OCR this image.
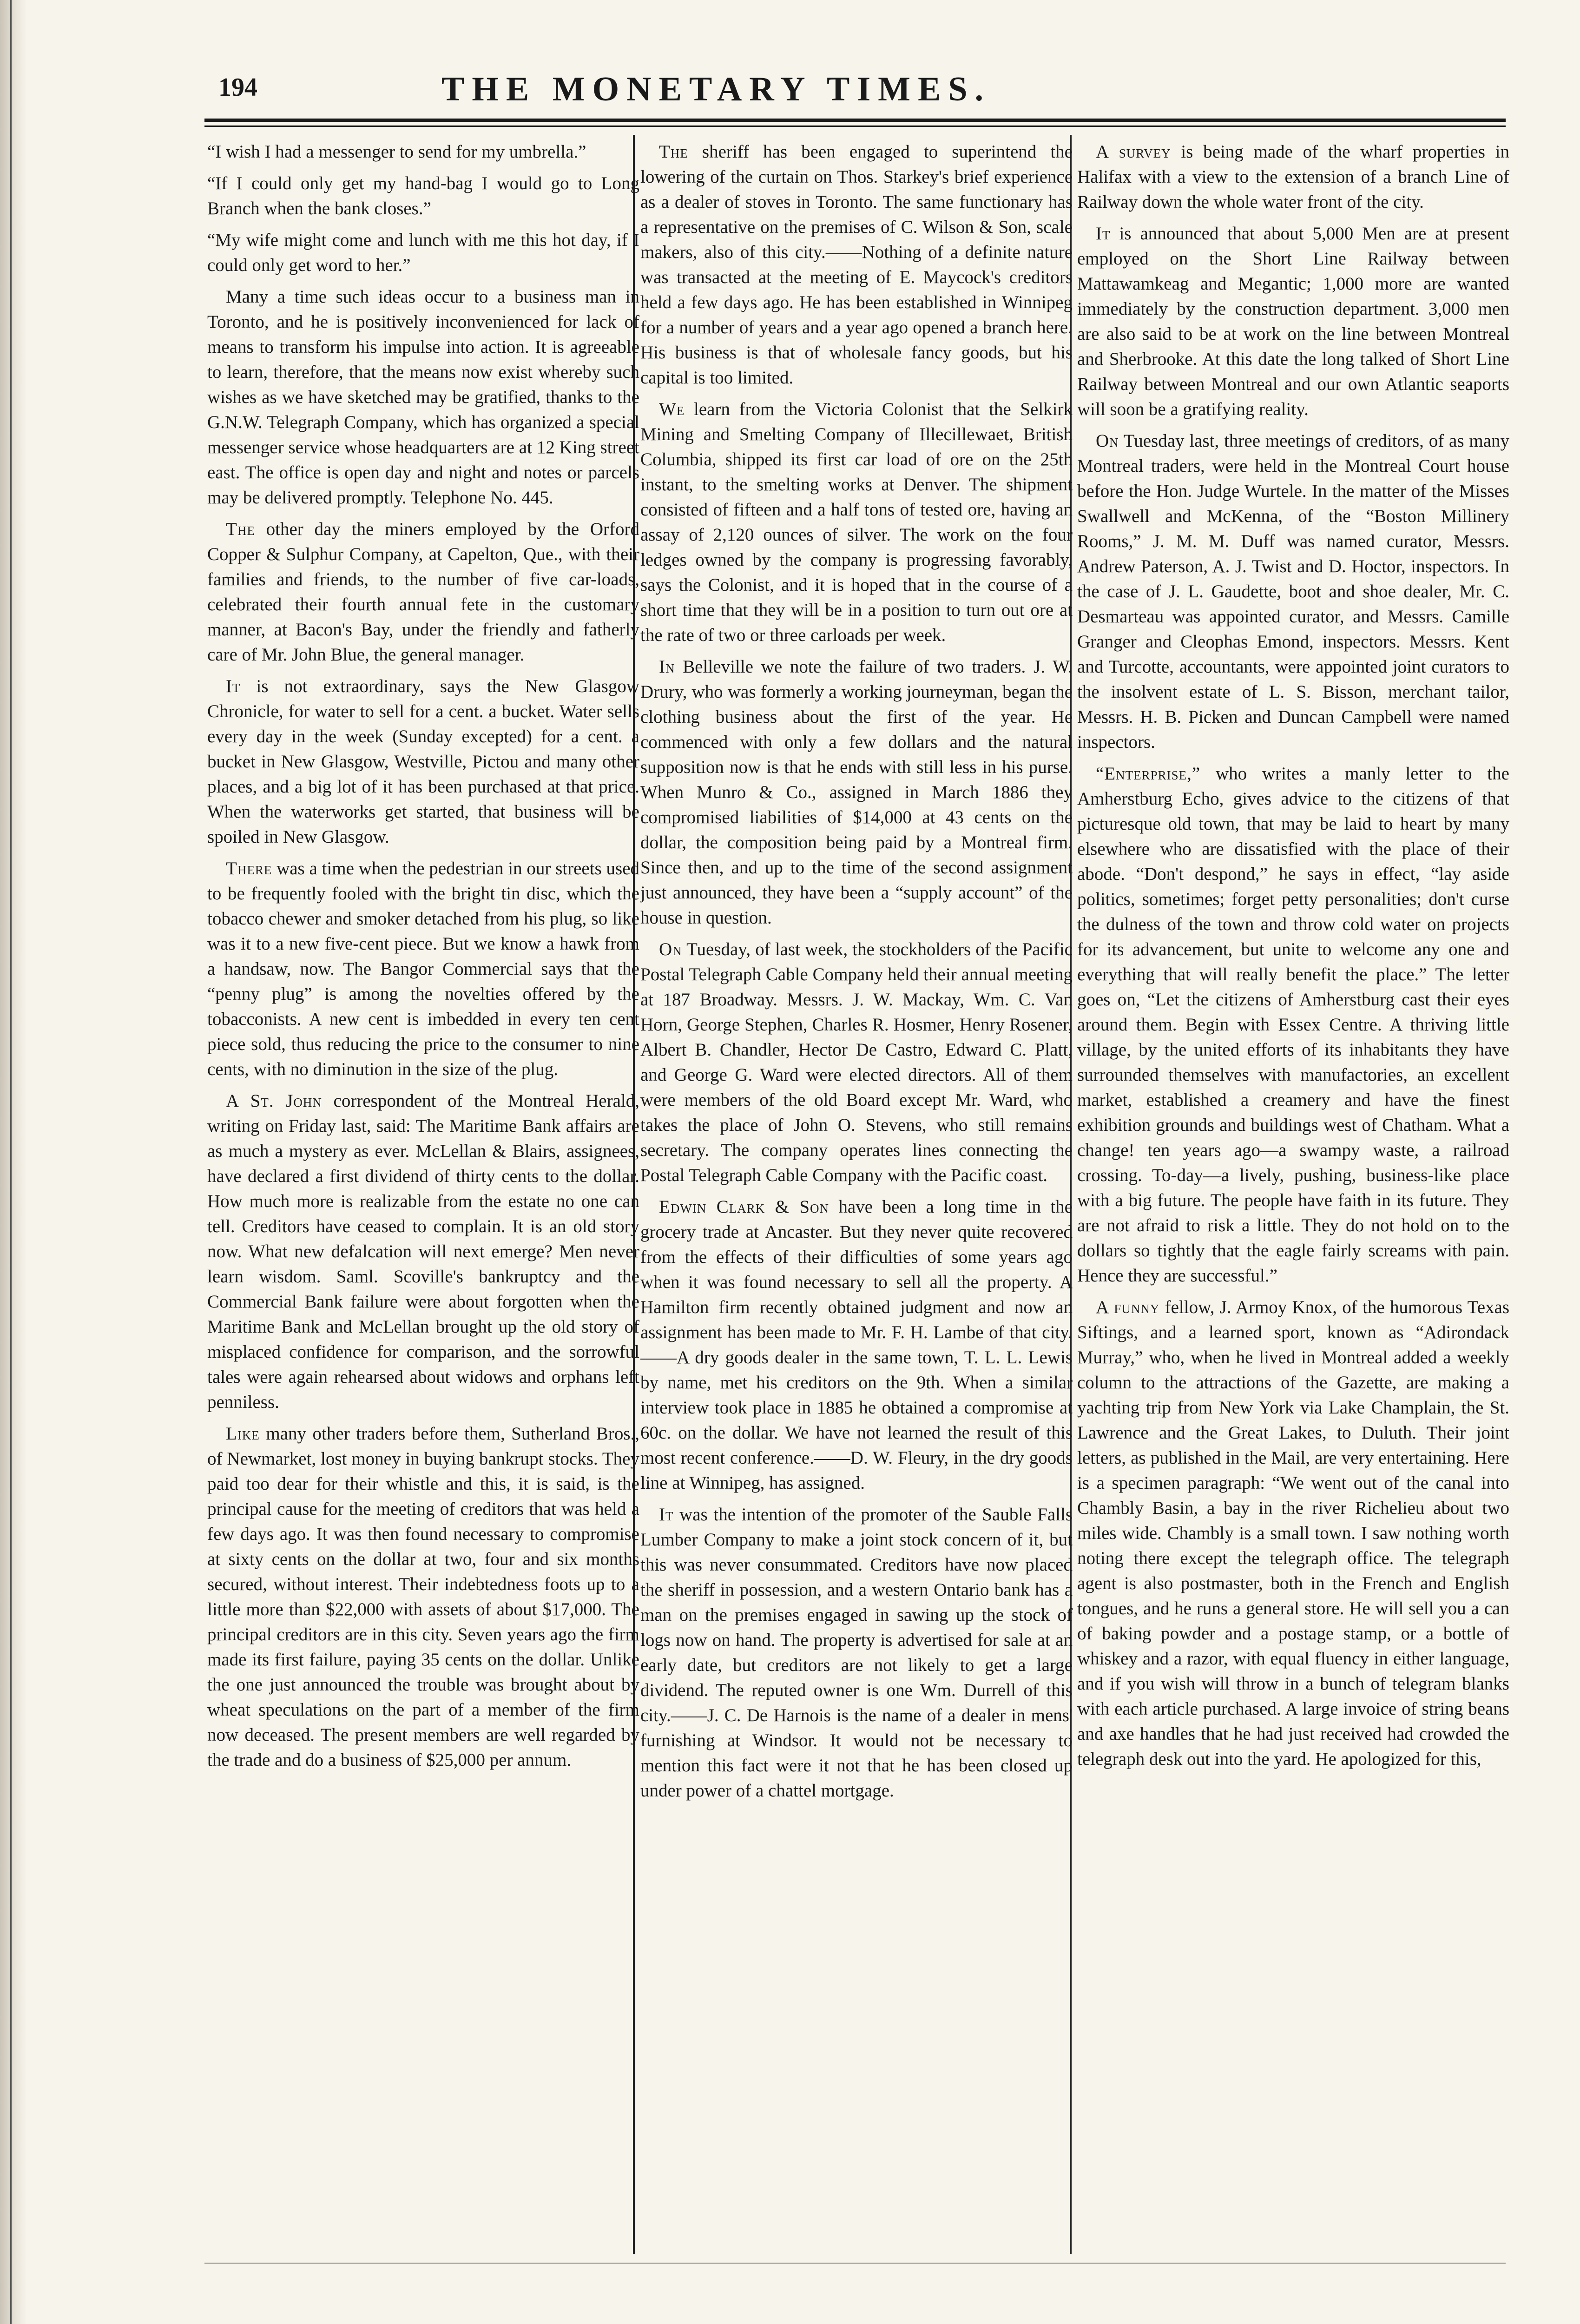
194	THE MONETARY TIMES.

“I wish I had a messenger to send for my umbrella.”

“If I could only get my hand-bag I would go to Long Branch when the bank closes.”

“My wife might come and lunch with me this hot day, if I could only get word to her.”

Many a time such ideas occur to a business man in Toronto, and he is positively inconvenienced for lack of means to transform his impulse into action. It is agreeable to learn, therefore, that the means now exist whereby such wishes as we have sketched may be gratified, thanks to the G.N.W. Telegraph Company, which has organized a special messenger service whose headquarters are at 12 King street east. The office is open day and night and notes or parcels may be delivered promptly. Telephone No. 445.

The other day the miners employed by the Orford Copper & Sulphur Company, at Capelton, Que., with their families and friends, to the number of five car-loads, celebrated their fourth annual fete in the customary manner, at Bacon's Bay, under the friendly and fatherly care of Mr. John Blue, the general manager.

It is not extraordinary, says the New Glasgow Chronicle, for water to sell for a cent. a bucket. Water sells every day in the week (Sunday excepted) for a cent. a bucket in New Glasgow, Westville, Pictou and many other places, and a big lot of it has been purchased at that price. When the waterworks get started, that business will be spoiled in New Glasgow.

There was a time when the pedestrian in our streets used to be frequently fooled with the bright tin disc, which the tobacco chewer and smoker detached from his plug, so like was it to a new five-cent piece. But we know a hawk from a handsaw, now. The Bangor Commercial says that the “penny plug” is among the novelties offered by the tobacconists. A new cent is imbedded in every ten cent piece sold, thus reducing the price to the consumer to nine cents, with no diminution in the size of the plug.

A St. John correspondent of the Montreal Herald, writing on Friday last, said: The Maritime Bank affairs are as much a mystery as ever. McLellan & Blairs, assignees, have declared a first dividend of thirty cents to the dollar. How much more is realizable from the estate no one can tell. Creditors have ceased to complain. It is an old story now. What new defalcation will next emerge? Men never learn wisdom. Saml. Scoville's bankruptcy and the Commercial Bank failure were about forgotten when the Maritime Bank and McLellan brought up the old story of misplaced confidence for comparison, and the sorrowful tales were again rehearsed about widows and orphans left penniless.

Like many other traders before them, Sutherland Bros., of Newmarket, lost money in buying bankrupt stocks. They paid too dear for their whistle and this, it is said, is the principal cause for the meeting of creditors that was held a few days ago. It was then found necessary to compromise at sixty cents on the dollar at two, four and six months secured, without interest. Their indebtedness foots up to a little more than $22,000 with assets of about $17,000. The principal creditors are in this city. Seven years ago the firm made its first failure, paying 35 cents on the dollar. Unlike the one just announced the trouble was brought about by wheat speculations on the part of a member of the firm now deceased. The present members are well regarded by the trade and do a business of $25,000 per annum.

The sheriff has been engaged to superintend the lowering of the curtain on Thos. Starkey's brief experience as a dealer of stoves in Toronto. The same functionary has a representative on the premises of C. Wilson & Son, scale makers, also of this city.——Nothing of a definite nature was transacted at the meeting of E. Maycock's creditors held a few days ago. He has been established in Winnipeg for a number of years and a year ago opened a branch here. His business is that of wholesale fancy goods, but his capital is too limited.

We learn from the Victoria Colonist that the Selkirk Mining and Smelting Company of Illecillewaet, British Columbia, shipped its first car load of ore on the 25th instant, to the smelting works at Denver. The shipment consisted of fifteen and a half tons of tested ore, having an assay of 2,120 ounces of silver. The work on the four ledges owned by the company is progressing favorably, says the Colonist, and it is hoped that in the course of a short time that they will be in a position to turn out ore at the rate of two or three carloads per week.

In Belleville we note the failure of two traders. J. W. Drury, who was formerly a working journeyman, began the clothing business about the first of the year. He commenced with only a few dollars and the natural supposition now is that he ends with still less in his purse. When Munro & Co., assigned in March 1886 they compromised liabilities of $14,000 at 43 cents on the dollar, the composition being paid by a Montreal firm. Since then, and up to the time of the second assignment just announced, they have been a “supply account” of the house in question.

On Tuesday, of last week, the stockholders of the Pacific Postal Telegraph Cable Company held their annual meeting at 187 Broadway. Messrs. J. W. Mackay, Wm. C. Van Horn, George Stephen, Charles R. Hosmer, Henry Rosener, Albert B. Chandler, Hector De Castro, Edward C. Platt, and George G. Ward were elected directors. All of them were members of the old Board except Mr. Ward, who takes the place of John O. Stevens, who still remains secretary. The company operates lines connecting the Postal Telegraph Cable Company with the Pacific coast.

Edwin Clark & Son have been a long time in the grocery trade at Ancaster. But they never quite recovered from the effects of their difficulties of some years ago when it was found necessary to sell all the property. A Hamilton firm recently obtained judgment and now an assignment has been made to Mr. F. H. Lambe of that city.——A dry goods dealer in the same town, T. L. L. Lewis by name, met his creditors on the 9th. When a similar interview took place in 1885 he obtained a compromise at 60c. on the dollar. We have not learned the result of this most recent conference.——D. W. Fleury, in the dry goods line at Winnipeg, has assigned.

It was the intention of the promoter of the Sauble Falls Lumber Company to make a joint stock concern of it, but this was never consummated. Creditors have now placed the sheriff in possession, and a western Ontario bank has a man on the premises engaged in sawing up the stock of logs now on hand. The property is advertised for sale at an early date, but creditors are not likely to get a large dividend. The reputed owner is one Wm. Durrell of this city.——J. C. De Harnois is the name of a dealer in mens' furnishing at Windsor. It would not be necessary to mention this fact were it not that he has been closed up under power of a chattel mortgage.

A survey is being made of the wharf properties in Halifax with a view to the extension of a branch Line of Railway down the whole water front of the city.

It is announced that about 5,000 Men are at present employed on the Short Line Railway between Mattawamkeag and Megantic; 1,000 more are wanted immediately by the construction department. 3,000 men are also said to be at work on the line between Montreal and Sherbrooke. At this date the long talked of Short Line Railway between Montreal and our own Atlantic seaports will soon be a gratifying reality.

On Tuesday last, three meetings of creditors, of as many Montreal traders, were held in the Montreal Court house before the Hon. Judge Wurtele. In the matter of the Misses Swallwell and McKenna, of the “Boston Millinery Rooms,” J. M. M. Duff was named curator, Messrs. Andrew Paterson, A. J. Twist and D. Hoctor, inspectors. In the case of J. L. Gaudette, boot and shoe dealer, Mr. C. Desmarteau was appointed curator, and Messrs. Camille Granger and Cleophas Emond, inspectors. Messrs. Kent and Turcotte, accountants, were appointed joint curators to the insolvent estate of L. S. Bisson, merchant tailor, Messrs. H. B. Picken and Duncan Campbell were named inspectors.

“Enterprise,” who writes a manly letter to the Amherstburg Echo, gives advice to the citizens of that picturesque old town, that may be laid to heart by many elsewhere who are dissatisfied with the place of their abode. “Don't despond,” he says in effect, “lay aside politics, sometimes; forget petty personalities; don't curse the dulness of the town and throw cold water on projects for its advancement, but unite to welcome any one and everything that will really benefit the place.” The letter goes on, “Let the citizens of Amherstburg cast their eyes around them. Begin with Essex Centre. A thriving little village, by the united efforts of its inhabitants they have surrounded themselves with manufactories, an excellent market, established a creamery and have the finest exhibition grounds and buildings west of Chatham. What a change! ten years ago—a swampy waste, a railroad crossing. To-day—a lively, pushing, business-like place with a big future. The people have faith in its future. They are not afraid to risk a little. They do not hold on to the dollars so tightly that the eagle fairly screams with pain. Hence they are successful.”

A funny fellow, J. Armoy Knox, of the humorous Texas Siftings, and a learned sport, known as “Adirondack Murray,” who, when he lived in Montreal added a weekly column to the attractions of the Gazette, are making a yachting trip from New York via Lake Champlain, the St. Lawrence and the Great Lakes, to Duluth. Their joint letters, as published in the Mail, are very entertaining. Here is a specimen paragraph: “We went out of the canal into Chambly Basin, a bay in the river Richelieu about two miles wide. Chambly is a small town. I saw nothing worth noting there except the telegraph office. The telegraph agent is also postmaster, both in the French and English tongues, and he runs a general store. He will sell you a can of baking powder and a postage stamp, or a bottle of whiskey and a razor, with equal fluency in either language, and if you wish will throw in a bunch of telegram blanks with each article purchased. A large invoice of string beans and axe handles that he had just received had crowded the telegraph desk out into the yard. He apologized for this,
